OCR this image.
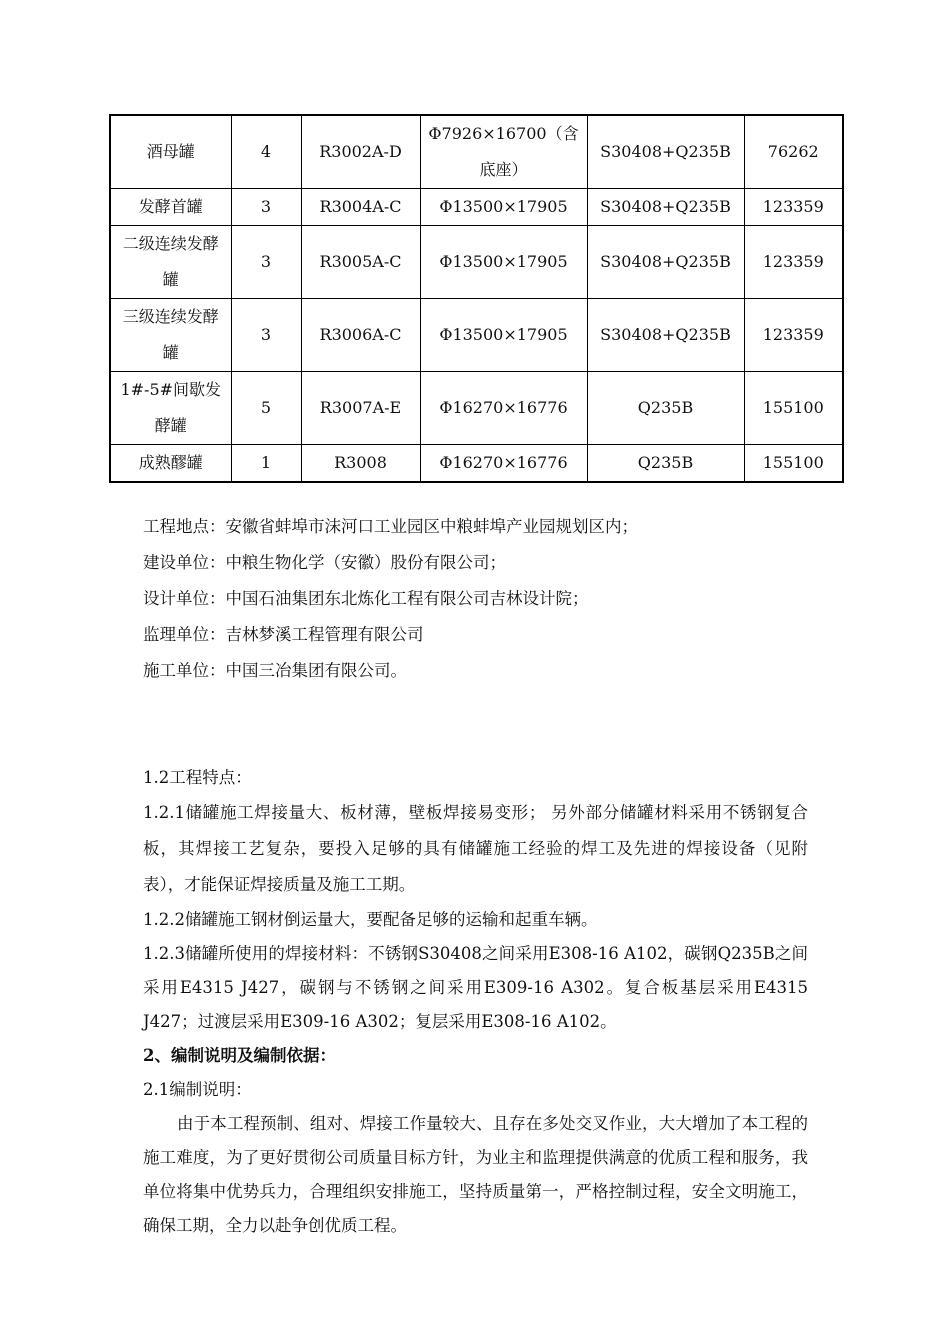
酒母罐	4	R3002A-D	Φ7926×16700（含底座）	S30408+Q235B	76262
发酵首罐	3	R3004A-C	Φ13500×17905	S30408+Q235B	123359
二级连续发酵罐	3	R3005A-C	Φ13500×17905	S30408+Q235B	123359
三级连续发酵罐	3	R3006A-C	Φ13500×17905	S30408+Q235B	123359
1#-5#间歇发酵罐	5	R3007A-E	Φ16270×16776	Q235B	155100
成熟醪罐	1	R3008	Φ16270×16776	Q235B	155100

工程地点：安徽省蚌埠市沫河口工业园区中粮蚌埠产业园规划区内；

建设单位：中粮生物化学（安徽）股份有限公司；

设计单位：中国石油集团东北炼化工程有限公司吉林设计院；

监理单位：吉林梦溪工程管理有限公司

施工单位：中国三冶集团有限公司。

1.2工程特点：

1.2.1储罐施工焊接量大、板材薄，壁板焊接易变形； 另外部分储罐材料采用不锈钢复合板，其焊接工艺复杂，要投入足够的具有储罐施工经验的焊工及先进的焊接设备（见附表），才能保证焊接质量及施工工期。

1.2.2储罐施工钢材倒运量大，要配备足够的运输和起重车辆。

1.2.3储罐所使用的焊接材料：不锈钢S30408之间采用E308-16 A102，碳钢Q235B之间采用E4315 J427，碳钢与不锈钢之间采用E309-16 A302。复合板基层采用E4315 J427；过渡层采用E309-16 A302；复层采用E308-16 A102。

2、编制说明及编制依据：

2.1编制说明：

由于本工程预制、组对、焊接工作量较大、且存在多处交叉作业，大大增加了本工程的施工难度，为了更好贯彻公司质量目标方针，为业主和监理提供满意的优质工程和服务，我单位将集中优势兵力，合理组织安排施工，坚持质量第一，严格控制过程，安全文明施工，确保工期，全力以赴争创优质工程。
